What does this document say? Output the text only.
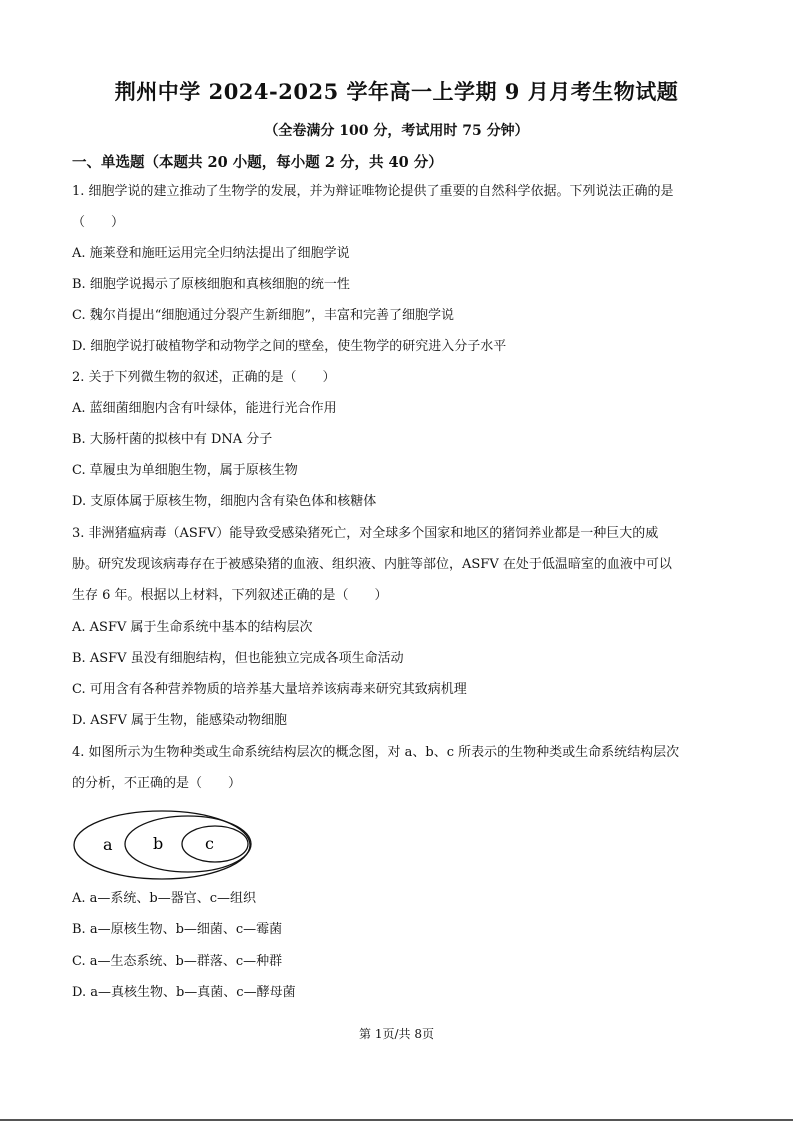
荆州中学 2024-2025 学年高一上学期 9 月月考生物试题
（全卷满分 100 分，考试用时 75 分钟）
一、单选题（本题共 20 小题，每小题 2 分，共 40 分）
1. 细胞学说的建立推动了生物学的发展，并为辩证唯物论提供了重要的自然科学依据。下列说法正确的是
（　　）
A. 施莱登和施旺运用完全归纳法提出了细胞学说
B. 细胞学说揭示了原核细胞和真核细胞的统一性
C. 魏尔肖提出“细胞通过分裂产生新细胞”，丰富和完善了细胞学说
D. 细胞学说打破植物学和动物学之间的壁垒，使生物学的研究进入分子水平
2. 关于下列微生物的叙述，正确的是（　　）
A. 蓝细菌细胞内含有叶绿体，能进行光合作用
B. 大肠杆菌的拟核中有 DNA 分子
C. 草履虫为单细胞生物，属于原核生物
D. 支原体属于原核生物，细胞内含有染色体和核糖体
3. 非洲猪瘟病毒（ASFV）能导致受感染猪死亡，对全球多个国家和地区的猪饲养业都是一种巨大的威
胁。研究发现该病毒存在于被感染猪的血液、组织液、内脏等部位，ASFV 在处于低温暗室的血液中可以
生存 6 年。根据以上材料，下列叙述正确的是（　　）
A. ASFV 属于生命系统中基本的结构层次
B. ASFV 虽没有细胞结构，但也能独立完成各项生命活动
C. 可用含有各种营养物质的培养基大量培养该病毒来研究其致病机理
D. ASFV 属于生物，能感染动物细胞
4. 如图所示为生物种类或生命系统结构层次的概念图，对 a、b、c 所表示的生物种类或生命系统结构层次
的分析，不正确的是（　　）
a	b	c
A. a—系统、b—器官、c—组织
B. a—原核生物、b—细菌、c—霉菌
C. a—生态系统、b—群落、c—种群
D. a—真核生物、b—真菌、c—酵母菌
第 1页/共 8页
